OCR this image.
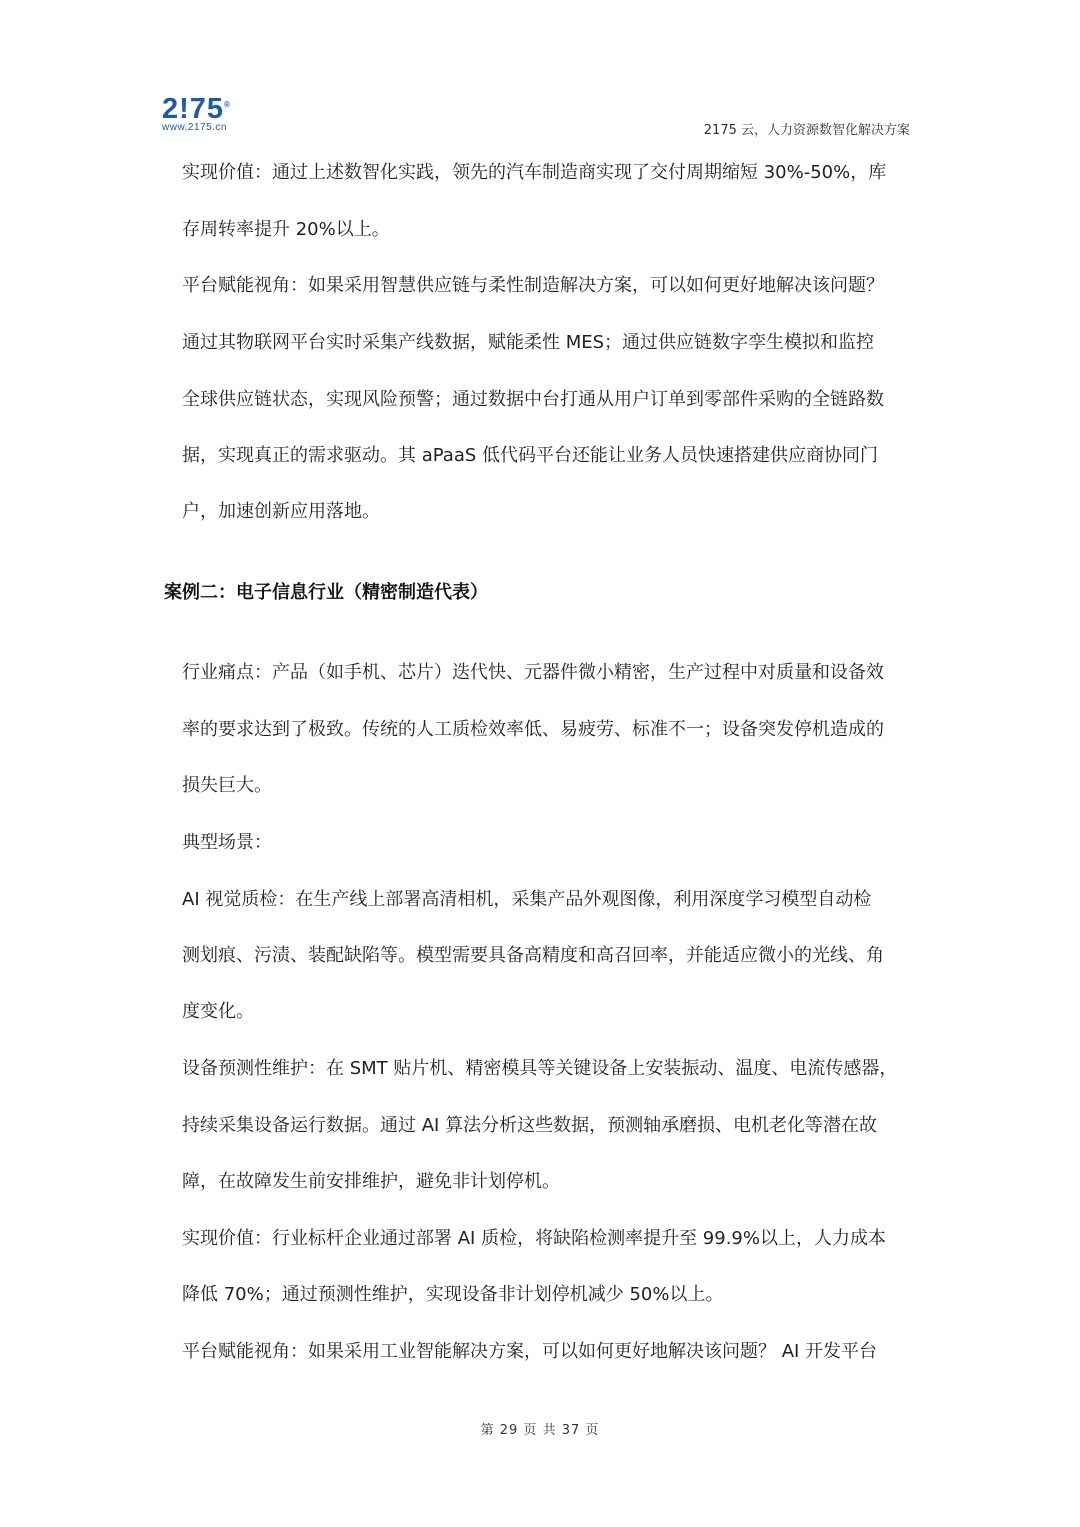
2!75®
www.2175.cn	2175 云，人力资源数智化解决方案
实现价值：通过上述数智化实践，领先的汽车制造商实现了交付周期缩短 30%-50%，库
存周转率提升 20%以上。
平台赋能视角：如果采用智慧供应链与柔性制造解决方案，可以如何更好地解决该问题？
通过其物联网平台实时采集产线数据，赋能柔性 MES；通过供应链数字孪生模拟和监控
全球供应链状态，实现风险预警；通过数据中台打通从用户订单到零部件采购的全链路数
据，实现真正的需求驱动。其 aPaaS 低代码平台还能让业务人员快速搭建供应商协同门
户，加速创新应用落地。
案例二：电子信息行业（精密制造代表）
行业痛点：产品（如手机、芯片）迭代快、元器件微小精密，生产过程中对质量和设备效
率的要求达到了极致。传统的人工质检效率低、易疲劳、标准不一；设备突发停机造成的
损失巨大。
典型场景：
AI 视觉质检：在生产线上部署高清相机，采集产品外观图像，利用深度学习模型自动检
测划痕、污渍、装配缺陷等。模型需要具备高精度和高召回率，并能适应微小的光线、角
度变化。
设备预测性维护：在 SMT 贴片机、精密模具等关键设备上安装振动、温度、电流传感器，
持续采集设备运行数据。通过 AI 算法分析这些数据，预测轴承磨损、电机老化等潜在故
障，在故障发生前安排维护，避免非计划停机。
实现价值：行业标杆企业通过部署 AI 质检，将缺陷检测率提升至 99.9%以上，人力成本
降低 70%；通过预测性维护，实现设备非计划停机减少 50%以上。
平台赋能视角：如果采用工业智能解决方案，可以如何更好地解决该问题？ AI 开发平台
第 29 页 共 37 页
